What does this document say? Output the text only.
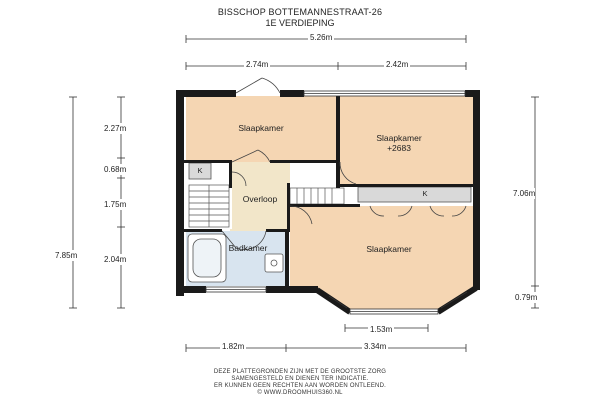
BISSCHOP BOTTEMANNESTRAAT-26
1E VERDIEPING
5.26m
2.74m	2.42m
7.85m
2.27m
0.68m
1.75m
2.04m
7.06m
0.79m
1.53m
1.82m	3.34m
Slaapkamer
Slaapkamer
+2683
Slaapkamer
Overloop
Badkamer
K
K
DEZE PLATTEGRONDEN ZIJN MET DE GROOTSTE ZORG
SAMENGESTELD EN DIENEN TER INDICATIE.
ER KUNNEN GEEN RECHTEN AAN WORDEN ONTLEEND.
© WWW.DROOMHUIS360.NL
